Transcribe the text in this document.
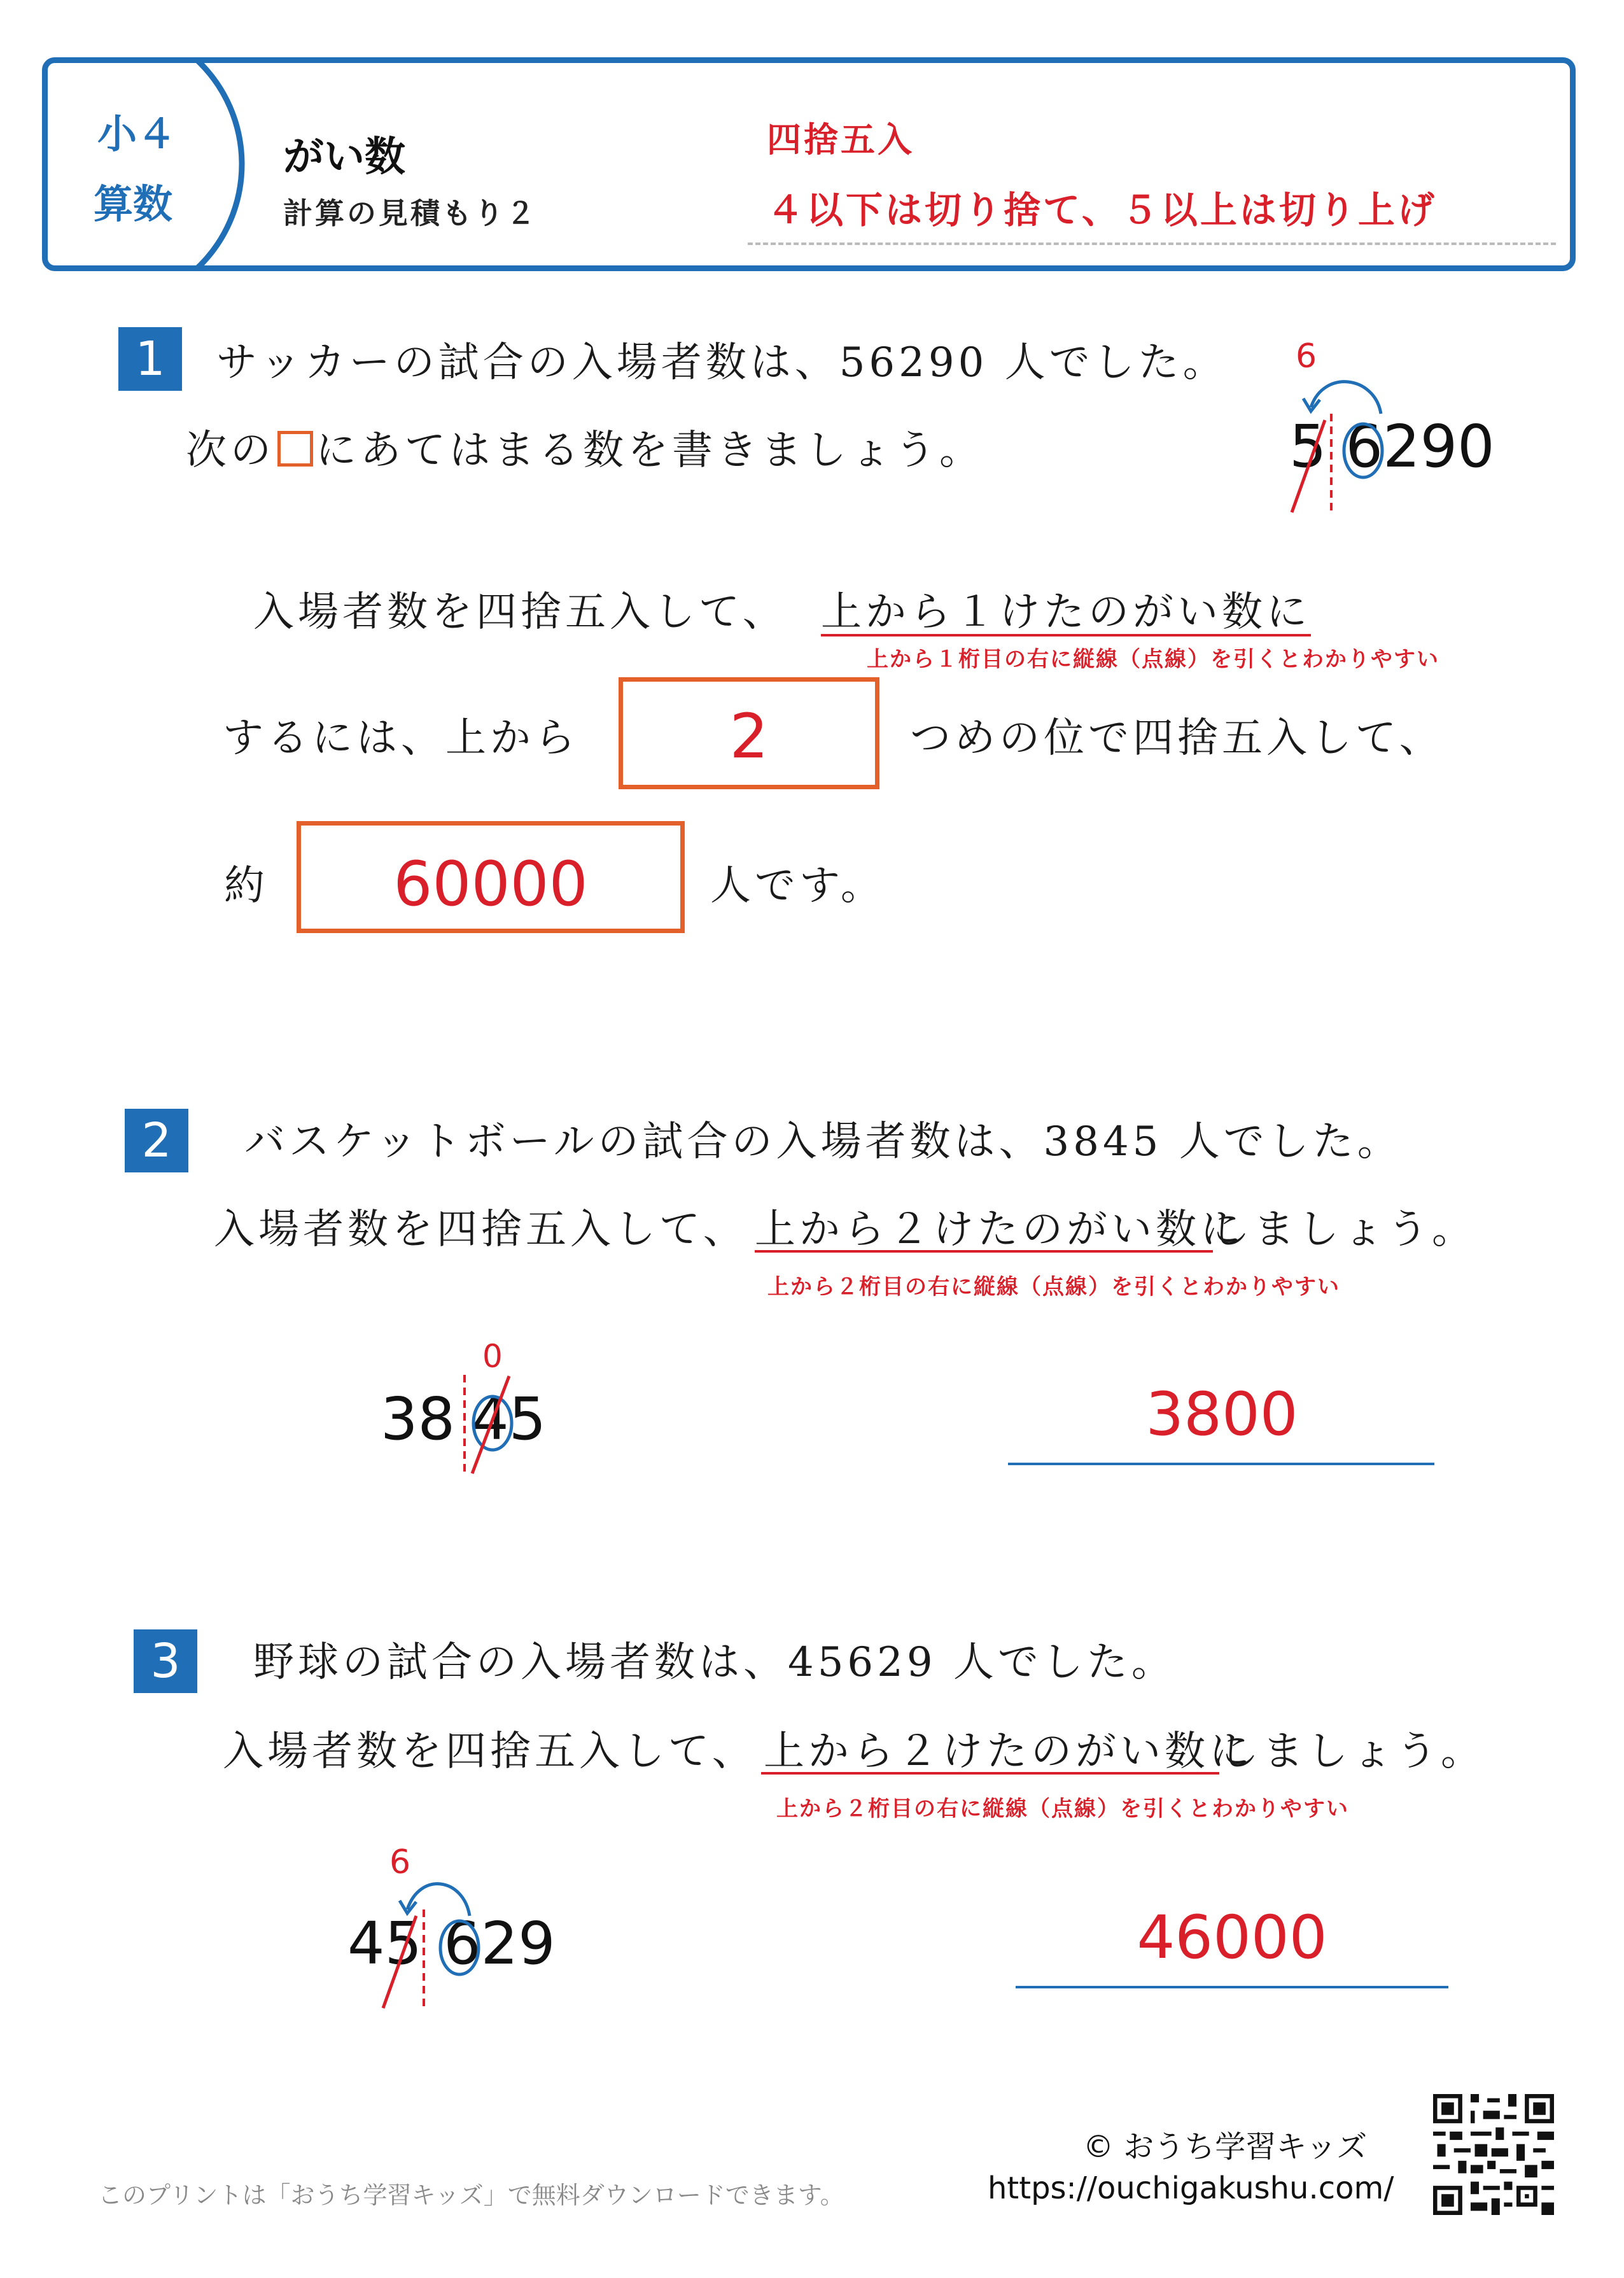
小４
算数
がい数
計算の見積もり２
四捨五入
４以下は切り捨て、５以上は切り上げ
1	サッカーの試合の入場者数は、56290 人でした。
次の にあてはまる数を書きましょう。
6
5 6290
入場者数を四捨五入して、 上から１けたのがい数に
上から１桁目の右に縦線（点線）を引くとわかりやすい
するには、上から	2	つめの位で四捨五入して、
約	60000	人です。
2	バスケットボールの試合の入場者数は、3845 人でした。
入場者数を四捨五入して、 上から２けたのがい数に
しましょう。
上から２桁目の右に縦線（点線）を引くとわかりやすい
0
38 45	3800
3	野球の試合の入場者数は、45629 人でした。
入場者数を四捨五入して、 上から２けたのがい数に
しましょう。
上から２桁目の右に縦線（点線）を引くとわかりやすい
6
45 629	46000
このプリントは「おうち学習キッズ」で無料ダウンロードできます。
© おうち学習キッズ
https://ouchigakushu.com/
